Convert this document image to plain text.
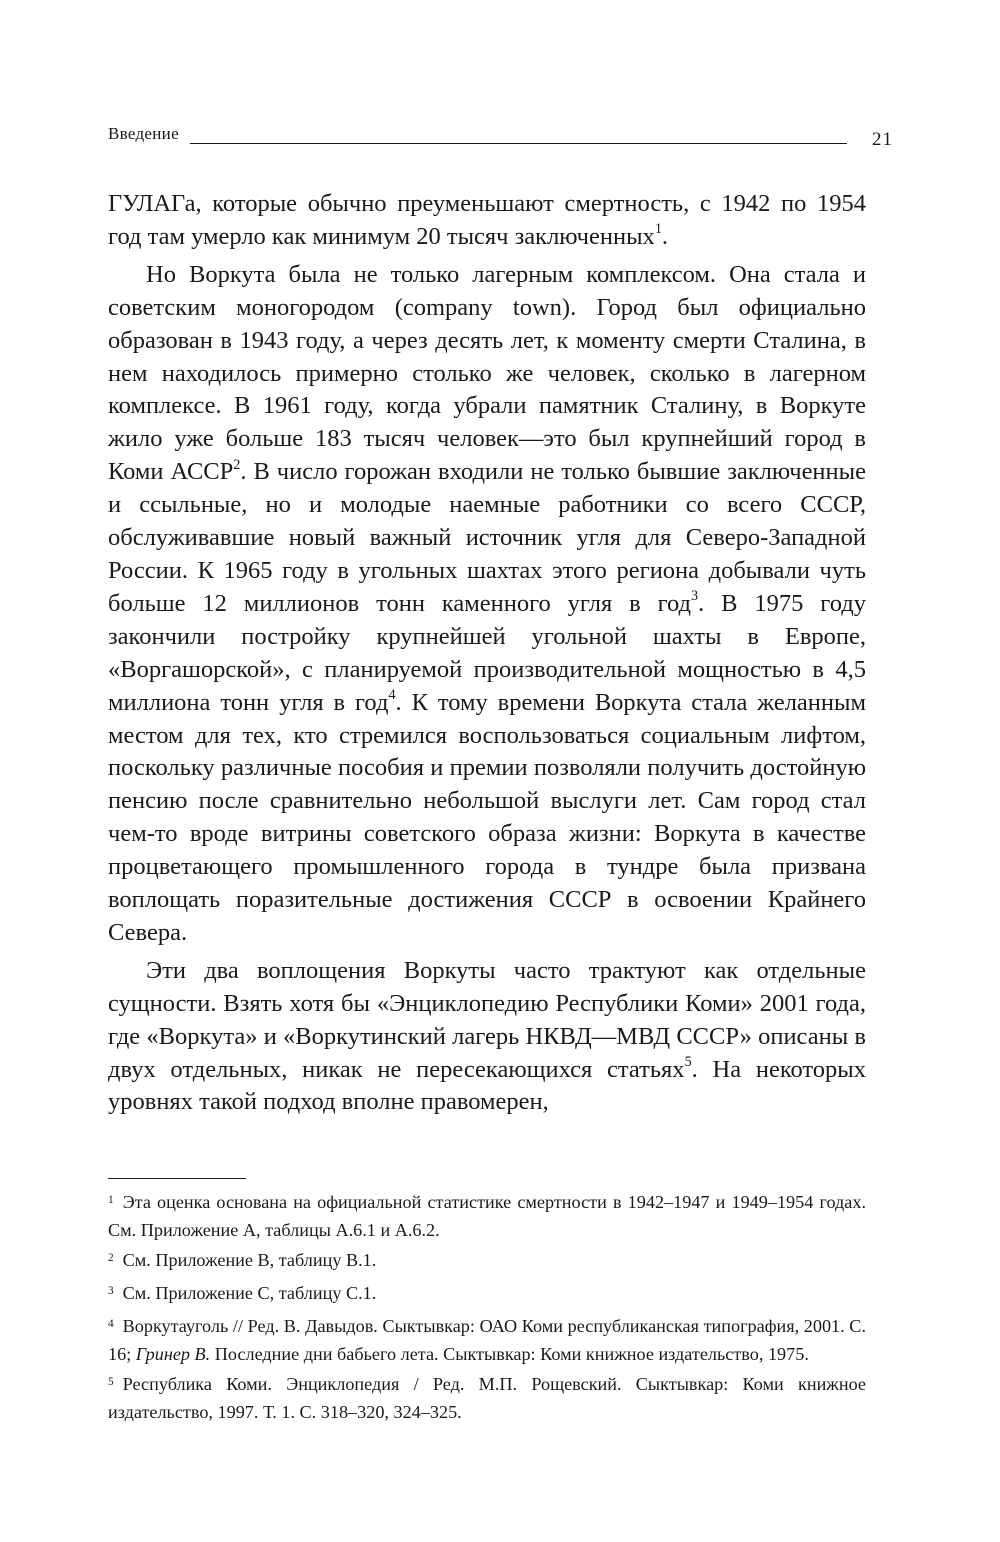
Введение	21

ГУЛАГа, которые обычно преуменьшают смертность, с 1942 по 1954 год там умерло как минимум 20 тысяч заключенных$^1$.

Но Воркута была не только лагерным комплексом. Она стала и советским моногородом (company town). Город был официально образован в 1943 году, а через десять лет, к моменту смерти Сталина, в нем находилось примерно столько же человек, сколько в лагерном комплексе. В 1961 году, когда убрали памятник Сталину, в Воркуте жило уже больше 183 тысяч человек—это был крупнейший город в Коми АССР$^2$. В число горожан входили не только бывшие заключенные и ссыльные, но и молодые наемные работники со всего СССР, обслуживавшие новый важный источник угля для Северо-Западной России. К 1965 году в угольных шахтах этого региона добывали чуть больше 12 миллионов тонн каменного угля в год$^3$. В 1975 году закончили постройку крупнейшей угольной шахты в Европе, «Воргашорской», с планируемой производительной мощностью в 4,5 миллиона тонн угля в год$^4$. К тому времени Воркута стала желанным местом для тех, кто стремился воспользоваться социальным лифтом, поскольку различные пособия и премии позволяли получить достойную пенсию после сравнительно небольшой выслуги лет. Сам город стал чем-то вроде витрины советского образа жизни: Воркута в качестве процветающего промышленного города в тундре была призвана воплощать поразительные достижения СССР в освоении Крайнего Севера.

Эти два воплощения Воркуты часто трактуют как отдельные сущности. Взять хотя бы «Энциклопедию Республики Коми» 2001 года, где «Воркута» и «Воркутинский лагерь НКВД—МВД СССР» описаны в двух отдельных, никак не пересекающихся статьях$^5$. На некоторых уровнях такой подход вполне правомерен,

$^1$ Эта оценка основана на официальной статистике смертности в 1942–1947 и 1949–1954 годах. См. Приложение А, таблицы А.6.1 и А.6.2.

$^2$ См. Приложение B, таблицу B.1.

$^3$ См. Приложение С, таблицу С.1.

$^4$ Воркутауголь // Ред. В. Давыдов. Сыктывкар: ОАО Коми республиканская типография, 2001. С. 16; Гринер В. Последние дни бабьего лета. Сыктывкар: Коми книжное издательство, 1975.

$^5$ Республика Коми. Энциклопедия / Ред. М.П. Рощевский. Сыктывкар: Коми книжное издательство, 1997. Т. 1. С. 318–320, 324–325.
